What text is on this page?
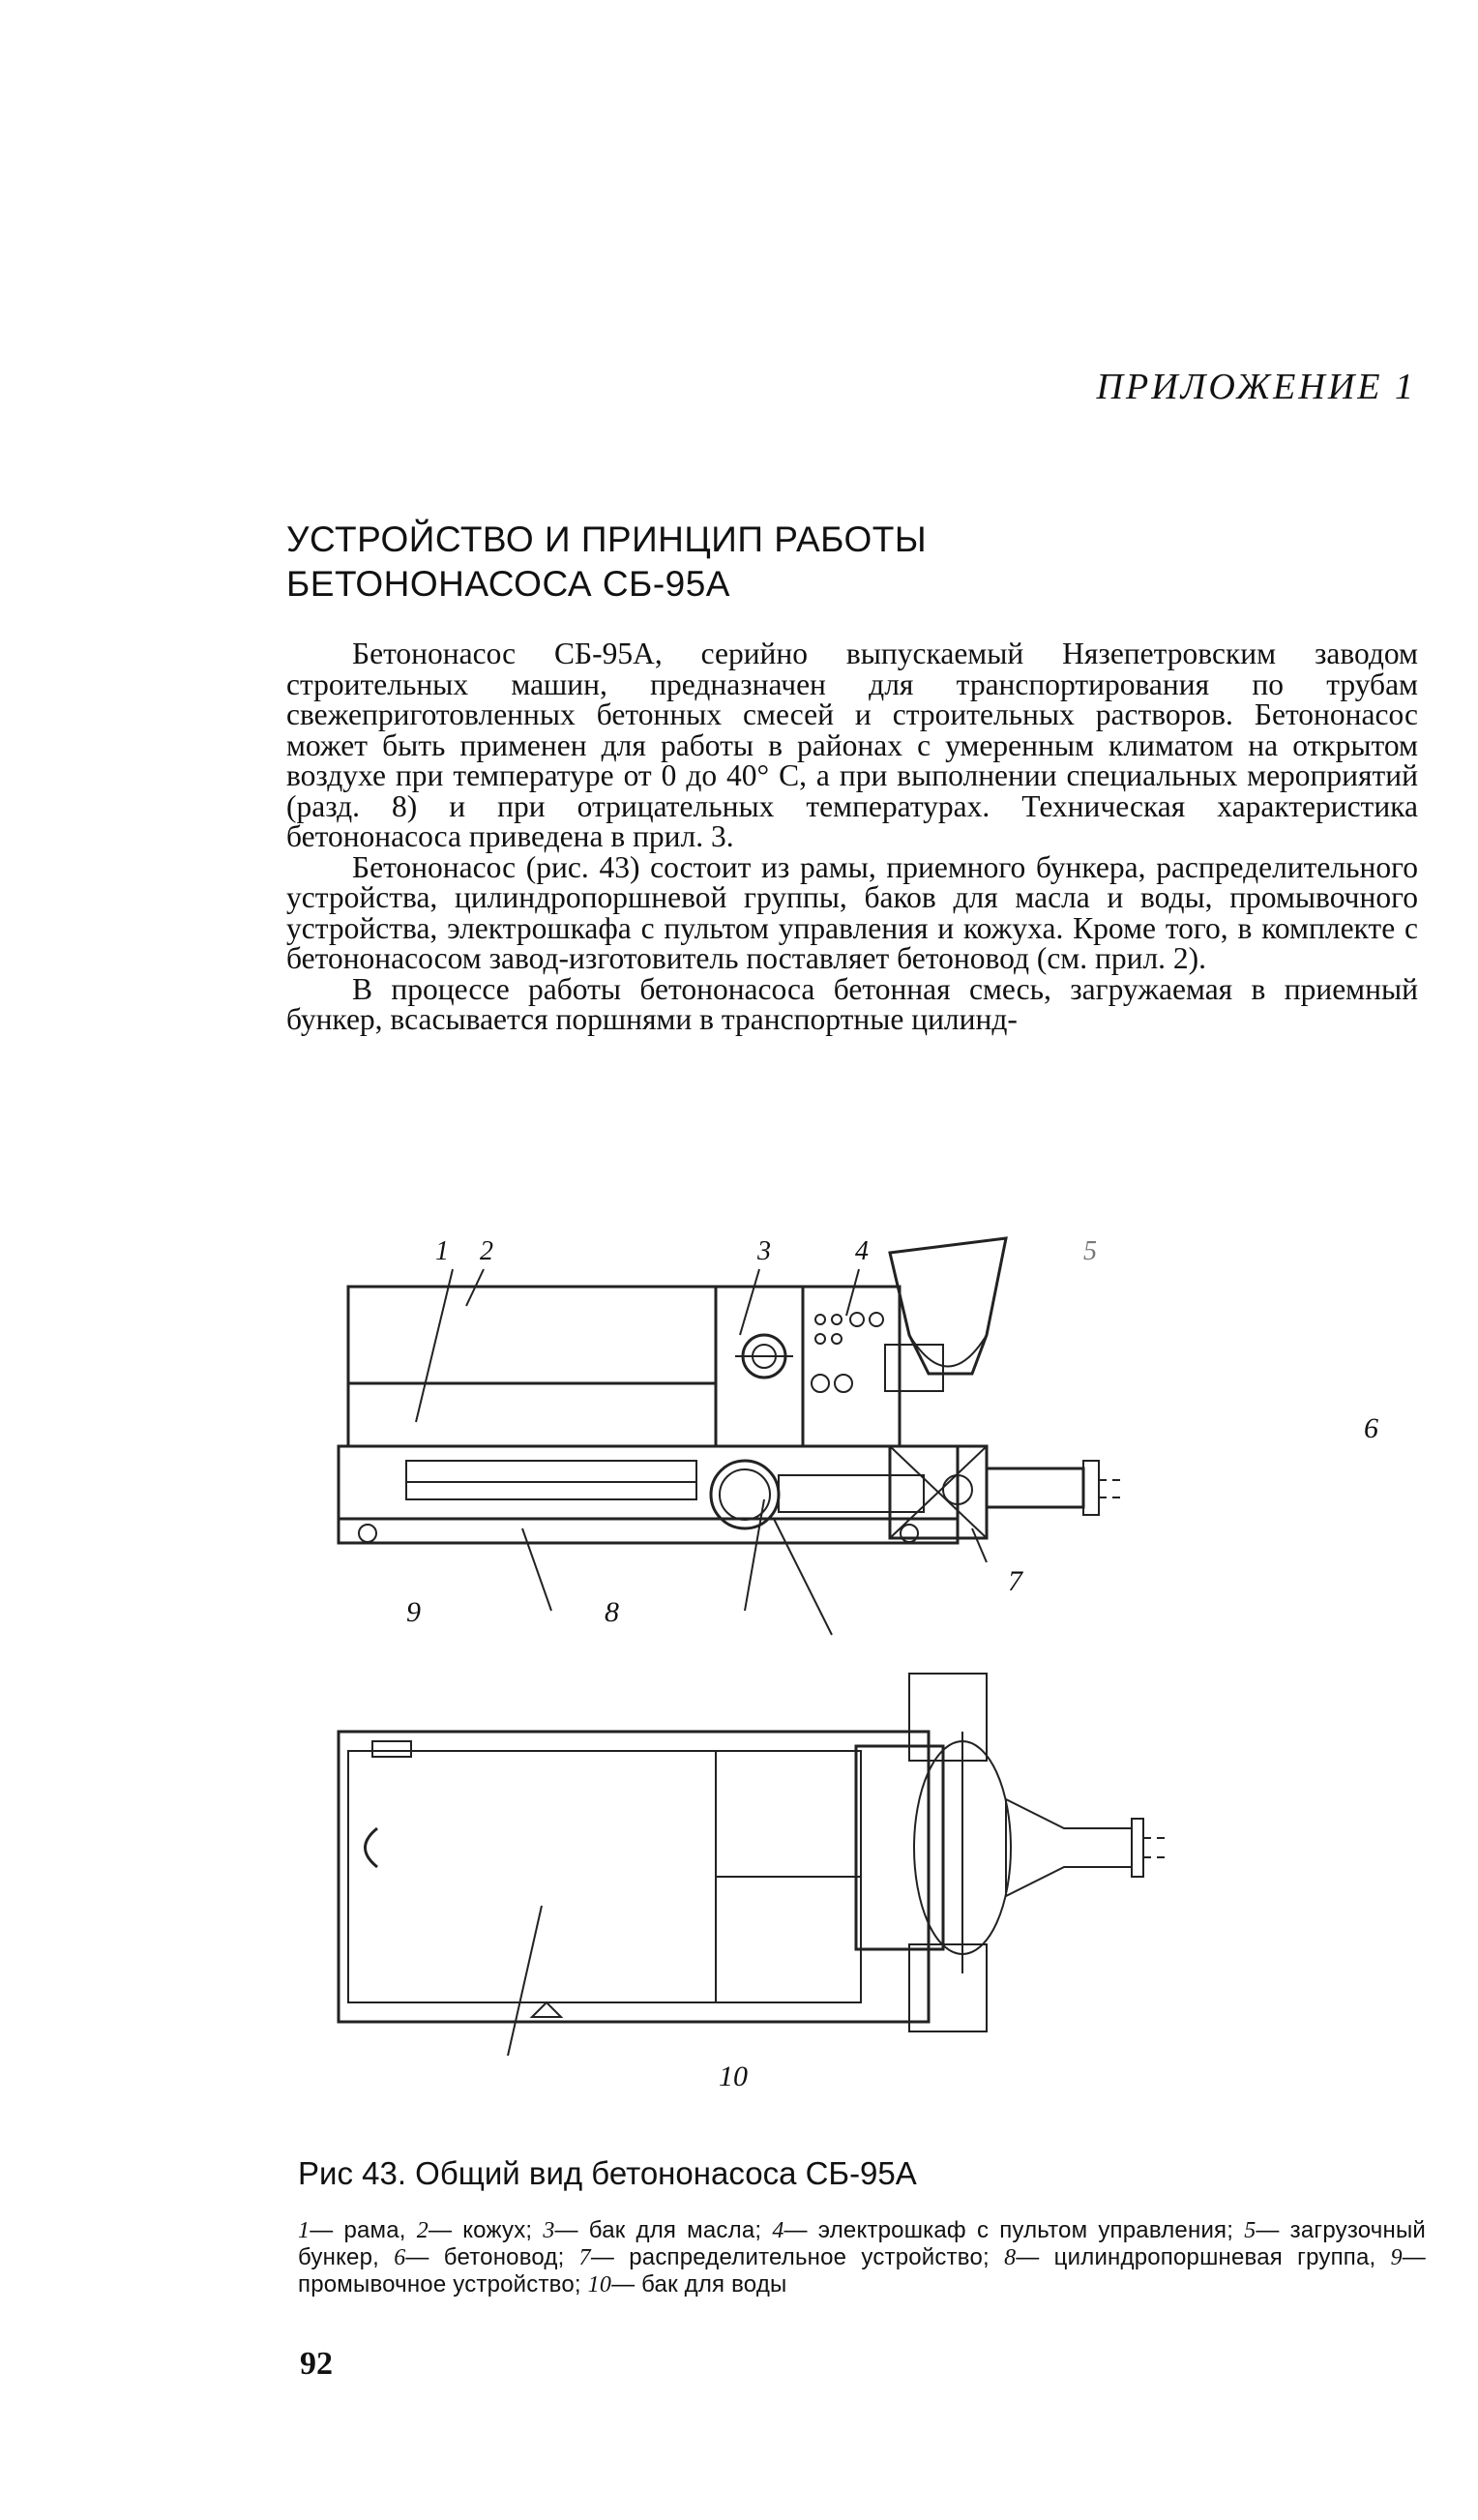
ПРИЛОЖЕНИЕ 1
УСТРОЙСТВО И ПРИНЦИП РАБОТЫ
БЕТОНОНАСОСА СБ-95А

Бетононасос СБ-95А, серийно выпускаемый Нязепетровским заводом строительных машин, предназначен для транспортирования по трубам свежеприготовленных бетонных смесей и строительных растворов. Бетононасос может быть применен для работы в районах с умеренным климатом на открытом воздухе при температуре от 0 до 40° С, а при выполнении специальных мероприятий (разд. 8) и при отрицательных температурах. Техническая характеристика бетононасоса приведена в прил. 3.

Бетононасос (рис. 43) состоит из рамы, приемного бункера, распределительного устройства, цилиндропоршневой группы, баков для масла и воды, промывочного устройства, электрошкафа с пультом управления и кожуха. Кроме того, в комплекте с бетононасосом завод-изготовитель поставляет бетоновод (см. прил. 2).

В процессе работы бетононасоса бетонная смесь, загружаемая в приемный бункер, всасывается поршнями в транспортные цилинд-

1 2	3	4	5
6
7
8
9
10
Рис 43. Общий вид бетононасоса СБ-95А
1— рама, 2— кожух; 3— бак для масла; 4— электрошкаф с пультом управления; 5— загрузочный бункер, 6— бетоновод; 7— распределительное устройство; 8— цилиндропоршневая группа, 9— промывочное устройство; 10— бак для воды
92
